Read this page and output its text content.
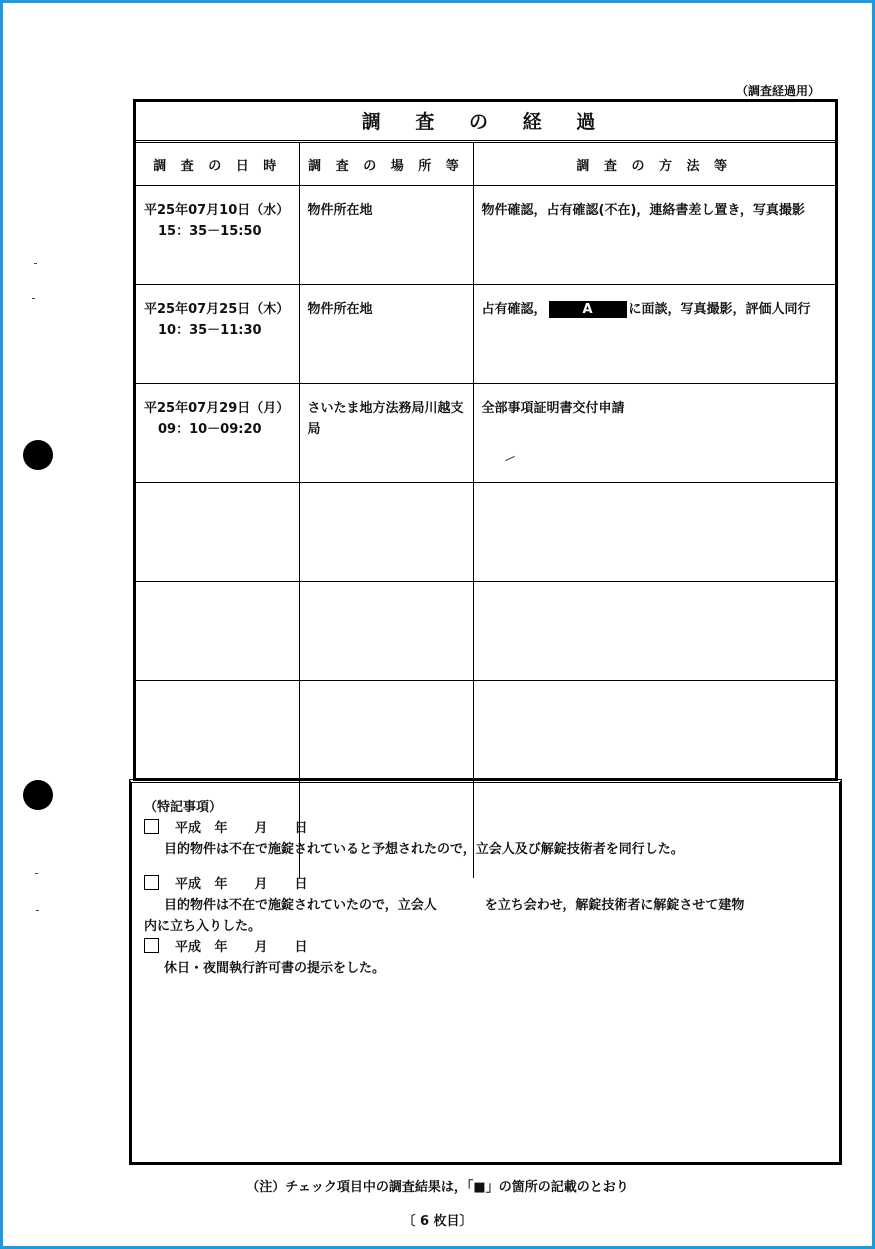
（調査経過用）
調 査 の 経 過
調 査 の 日 時	調 査 の 場 所 等	調 査 の 方 法 等
平25年07月10日（水）
15：35－15:50	物件所在地	物件確認，占有確認(不在)，連絡書差し置き，写真撮影
平25年07月25日（木）
10：35－11:30	物件所在地	占有確認， A に面談，写真撮影，評価人同行
平25年07月29日（月）
09：10－09:20	さいたま地方法務局川越支局	全部事項証明書交付申請

（特記事項）
平成 年 月 日
目的物件は不在で施錠されていると予想されたので，立会人及び解錠技術者を同行した。
平成 年 月 日
目的物件は不在で施錠されていたので，立会人	を立ち会わせ，解錠技術者に解錠させて建物
内に立ち入りした。
平成 年 月 日
休日・夜間執行許可書の提示をした。
（注）チェック項目中の調査結果は，「■」の箇所の記載のとおり
〔 6 枚目〕
